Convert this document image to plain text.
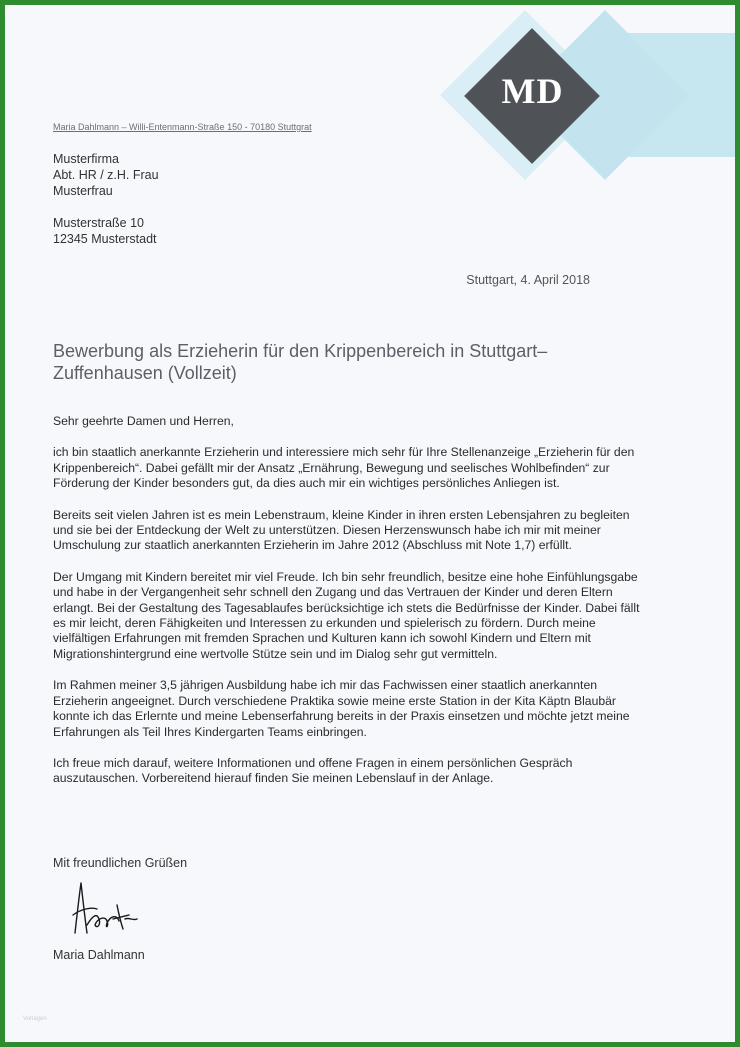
MD
Maria Dahlmann – Willi-Entenmann-Straße 150 - 70180 Stuttgrat
Musterfirma
Abt. HR / z.H. Frau
Musterfrau
Musterstraße 10
12345 Musterstadt
Stuttgart, 4. April 2018
Bewerbung als Erzieherin für den Krippenbereich in Stuttgart–Zuffenhausen (Vollzeit)

Sehr geehrte Damen und Herren,

ich bin staatlich anerkannte Erzieherin und interessiere mich sehr für Ihre Stellenanzeige „Erzieherin für den Krippenbereich“. Dabei gefällt mir der Ansatz „Ernährung, Bewegung und seelisches Wohlbefinden“ zur Förderung der Kinder besonders gut, da dies auch mir ein wichtiges persönliches Anliegen ist.

Bereits seit vielen Jahren ist es mein Lebenstraum, kleine Kinder in ihren ersten Lebensjahren zu begleiten und sie bei der Entdeckung der Welt zu unterstützen. Diesen Herzenswunsch habe ich mir mit meiner Umschulung zur staatlich anerkannten Erzieherin im Jahre 2012 (Abschluss mit Note 1,7) erfüllt.

Der Umgang mit Kindern bereitet mir viel Freude. Ich bin sehr freundlich, besitze eine hohe Einfühlungsgabe und habe in der Vergangenheit sehr schnell den Zugang und das Vertrauen der Kinder und deren Eltern erlangt. Bei der Gestaltung des Tagesablaufes berücksichtige ich stets die Bedürfnisse der Kinder. Dabei fällt es mir leicht, deren Fähigkeiten und Interessen zu erkunden und spielerisch zu fördern. Durch meine vielfältigen Erfahrungen mit fremden Sprachen und Kulturen kann ich sowohl Kindern und Eltern mit Migrationshintergrund eine wertvolle Stütze sein und im Dialog sehr gut vermitteln.

Im Rahmen meiner 3,5 jährigen Ausbildung habe ich mir das Fachwissen einer staatlich anerkannten Erzieherin angeeignet. Durch verschiedene Praktika sowie meine erste Station in der Kita Käptn Blaubär konnte ich das Erlernte und meine Lebenserfahrung bereits in der Praxis einsetzen und möchte jetzt meine Erfahrungen als Teil Ihres Kindergarten Teams einbringen.

Ich freue mich darauf, weitere Informationen und offene Fragen in einem persönlichen Gespräch auszutauschen. Vorbereitend hierauf finden Sie meinen Lebenslauf in der Anlage.

Mit freundlichen Grüßen
Maria Dahlmann
Vorlagen
